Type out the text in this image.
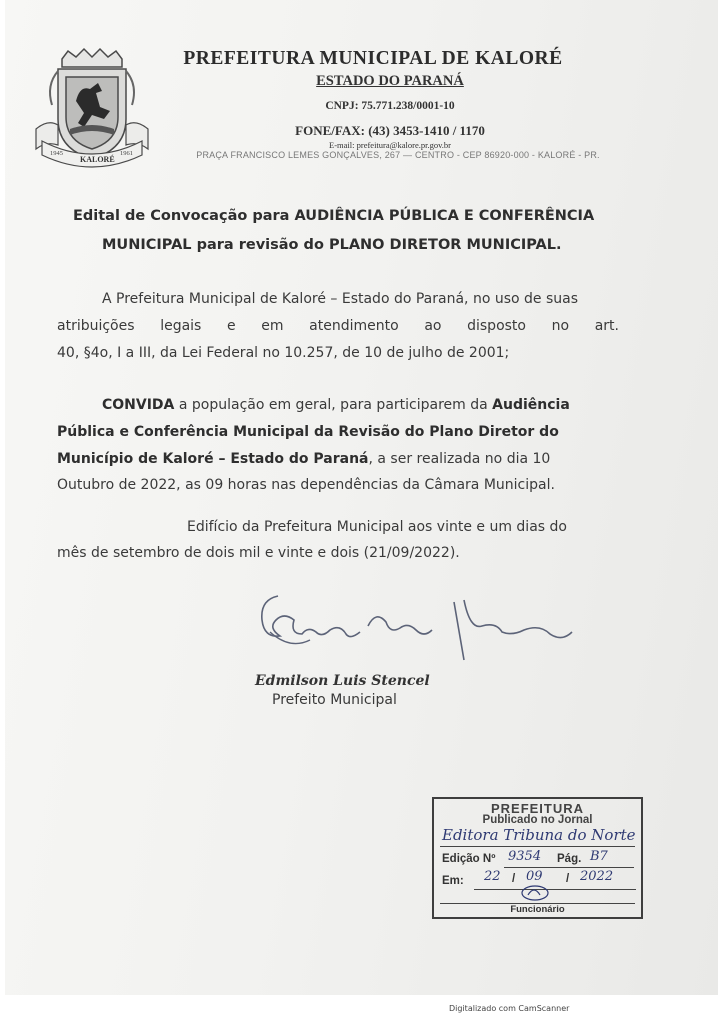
1945
KALORÉ
1961
PREFEITURA MUNICIPAL DE KALORÉ
ESTADO DO PARANÁ
CNPJ: 75.771.238/0001-10
FONE/FAX: (43) 3453-1410 / 1170
E-mail: prefeitura@kalore.pr.gov.br
PRAÇA FRANCISCO LEMES GONÇALVES, 267 — CENTRO - CEP 86920-000 - KALORÉ - PR.
Edital de Convocação para AUDIÊNCIA PÚBLICA E CONFERÊNCIA
MUNICIPAL para revisão do PLANO DIRETOR MUNICIPAL.
A Prefeitura Municipal de Kaloré – Estado do Paraná, no uso de suas
atribuições legais e em atendimento ao disposto no art.
40, §4o, I a III, da Lei Federal no 10.257, de 10 de julho de 2001;
CONVIDA a população em geral, para participarem da Audiência
Pública e Conferência Municipal da Revisão do Plano Diretor do
Município de Kaloré – Estado do Paraná, a ser realizada no dia 10
Outubro de 2022, as 09 horas nas dependências da Câmara Municipal.
Edifício da Prefeitura Municipal aos vinte e um dias do
mês de setembro de dois mil e vinte e dois (21/09/2022).
Edmilson Luis Stencel
Prefeito Municipal
PREFEITURA
Publicado no Jornal
Editora Tribuna do Norte
Edição Nº 9354 Pág. B7
Em: 22 / 09 / 2022
Funcionário
Digitalizado com CamScanner
